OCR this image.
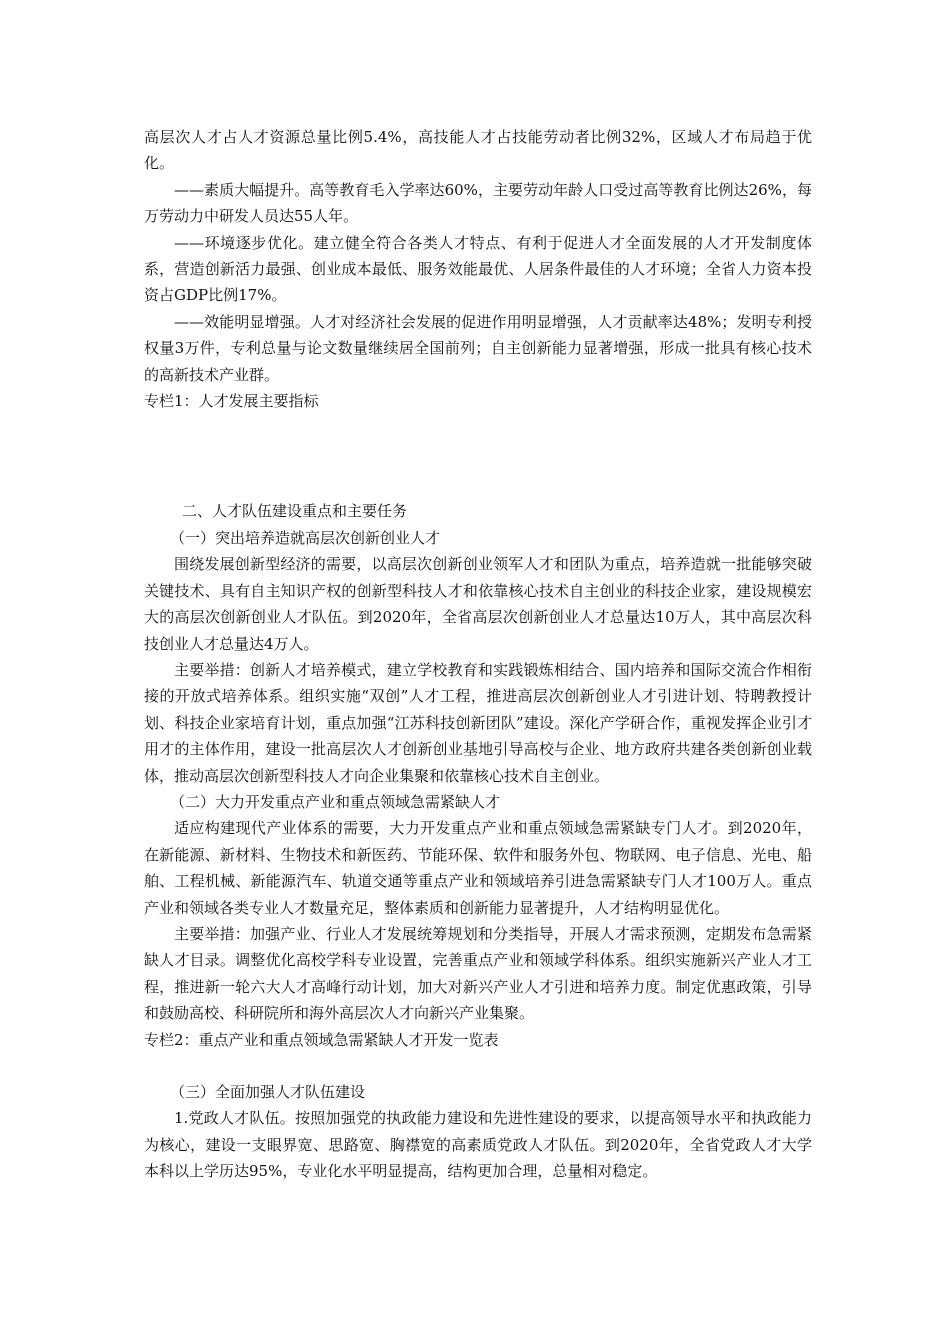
高层次人才占人才资源总量比例5.4%，高技能人才占技能劳动者比例32%，区域人才布局趋于优化。

——素质大幅提升。高等教育毛入学率达60%，主要劳动年龄人口受过高等教育比例达26%，每万劳动力中研发人员达55人年。

——环境逐步优化。建立健全符合各类人才特点、有利于促进人才全面发展的人才开发制度体系，营造创新活力最强、创业成本最低、服务效能最优、人居条件最佳的人才环境；全省人力资本投资占GDP比例17%。

——效能明显增强。人才对经济社会发展的促进作用明显增强，人才贡献率达48%；发明专利授权量3万件，专利总量与论文数量继续居全国前列；自主创新能力显著增强，形成一批具有核心技术的高新技术产业群。

专栏1：人才发展主要指标

二、人才队伍建设重点和主要任务

（一）突出培养造就高层次创新创业人才

围绕发展创新型经济的需要，以高层次创新创业领军人才和团队为重点，培养造就一批能够突破关键技术、具有自主知识产权的创新型科技人才和依靠核心技术自主创业的科技企业家，建设规模宏大的高层次创新创业人才队伍。到2020年，全省高层次创新创业人才总量达10万人，其中高层次科技创业人才总量达4万人。

主要举措：创新人才培养模式，建立学校教育和实践锻炼相结合、国内培养和国际交流合作相衔接的开放式培养体系。组织实施“双创”人才工程，推进高层次创新创业人才引进计划、特聘教授计划、科技企业家培育计划，重点加强“江苏科技创新团队”建设。深化产学研合作，重视发挥企业引才用才的主体作用，建设一批高层次人才创新创业基地引导高校与企业、地方政府共建各类创新创业载体，推动高层次创新型科技人才向企业集聚和依靠核心技术自主创业。

（二）大力开发重点产业和重点领域急需紧缺人才

适应构建现代产业体系的需要，大力开发重点产业和重点领域急需紧缺专门人才。到2020年，在新能源、新材料、生物技术和新医药、节能环保、软件和服务外包、物联网、电子信息、光电、船舶、工程机械、新能源汽车、轨道交通等重点产业和领域培养引进急需紧缺专门人才100万人。重点产业和领域各类专业人才数量充足，整体素质和创新能力显著提升，人才结构明显优化。

主要举措：加强产业、行业人才发展统筹规划和分类指导，开展人才需求预测，定期发布急需紧缺人才目录。调整优化高校学科专业设置，完善重点产业和领域学科体系。组织实施新兴产业人才工程，推进新一轮六大人才高峰行动计划，加大对新兴产业人才引进和培养力度。制定优惠政策，引导和鼓励高校、科研院所和海外高层次人才向新兴产业集聚。

专栏2：重点产业和重点领域急需紧缺人才开发一览表

（三）全面加强人才队伍建设

1.党政人才队伍。按照加强党的执政能力建设和先进性建设的要求，以提高领导水平和执政能力为核心，建设一支眼界宽、思路宽、胸襟宽的高素质党政人才队伍。到2020年，全省党政人才大学本科以上学历达95%，专业化水平明显提高，结构更加合理，总量相对稳定。
